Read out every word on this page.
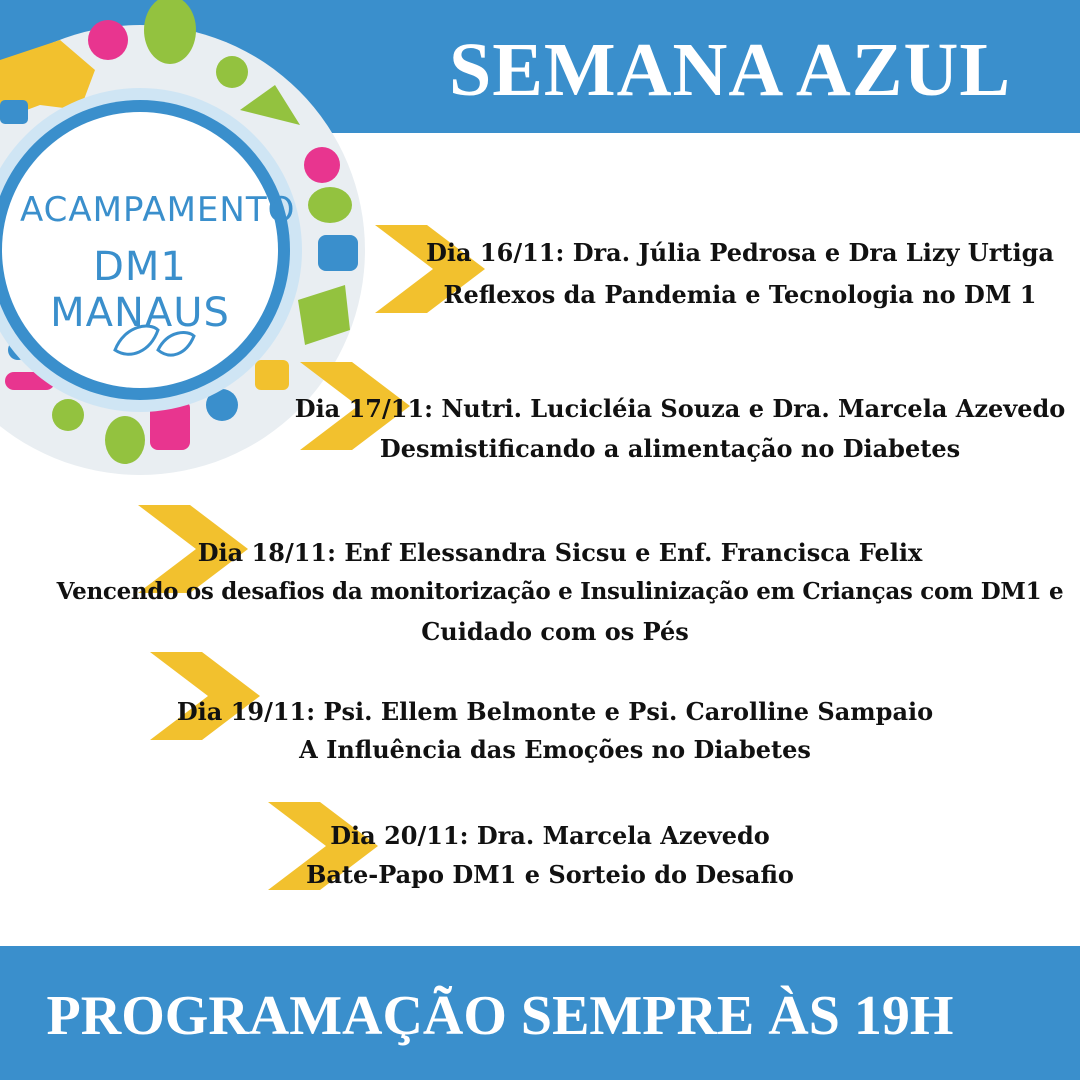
SEMANA AZUL
ACAMPAMENTO
DM1 MANAUS
Dia 16/11: Dra. Júlia Pedrosa e Dra Lizy Urtiga
Reflexos da Pandemia e Tecnologia no DM 1
Dia 17/11: Nutri. Lucicléia Souza e Dra. Marcela Azevedo
Desmistificando a alimentação no Diabetes
Dia 18/11: Enf Elessandra Sicsu e Enf. Francisca Felix
Vencendo os desafios da monitorização e Insulinização em Crianças com DM1 e
Cuidado com os Pés
Dia 19/11: Psi. Ellem Belmonte e Psi. Carolline Sampaio
A Influência das Emoções no Diabetes
Dia 20/11: Dra. Marcela Azevedo
Bate-Papo DM1 e Sorteio do Desafio
PROGRAMAÇÃO SEMPRE ÀS 19H
